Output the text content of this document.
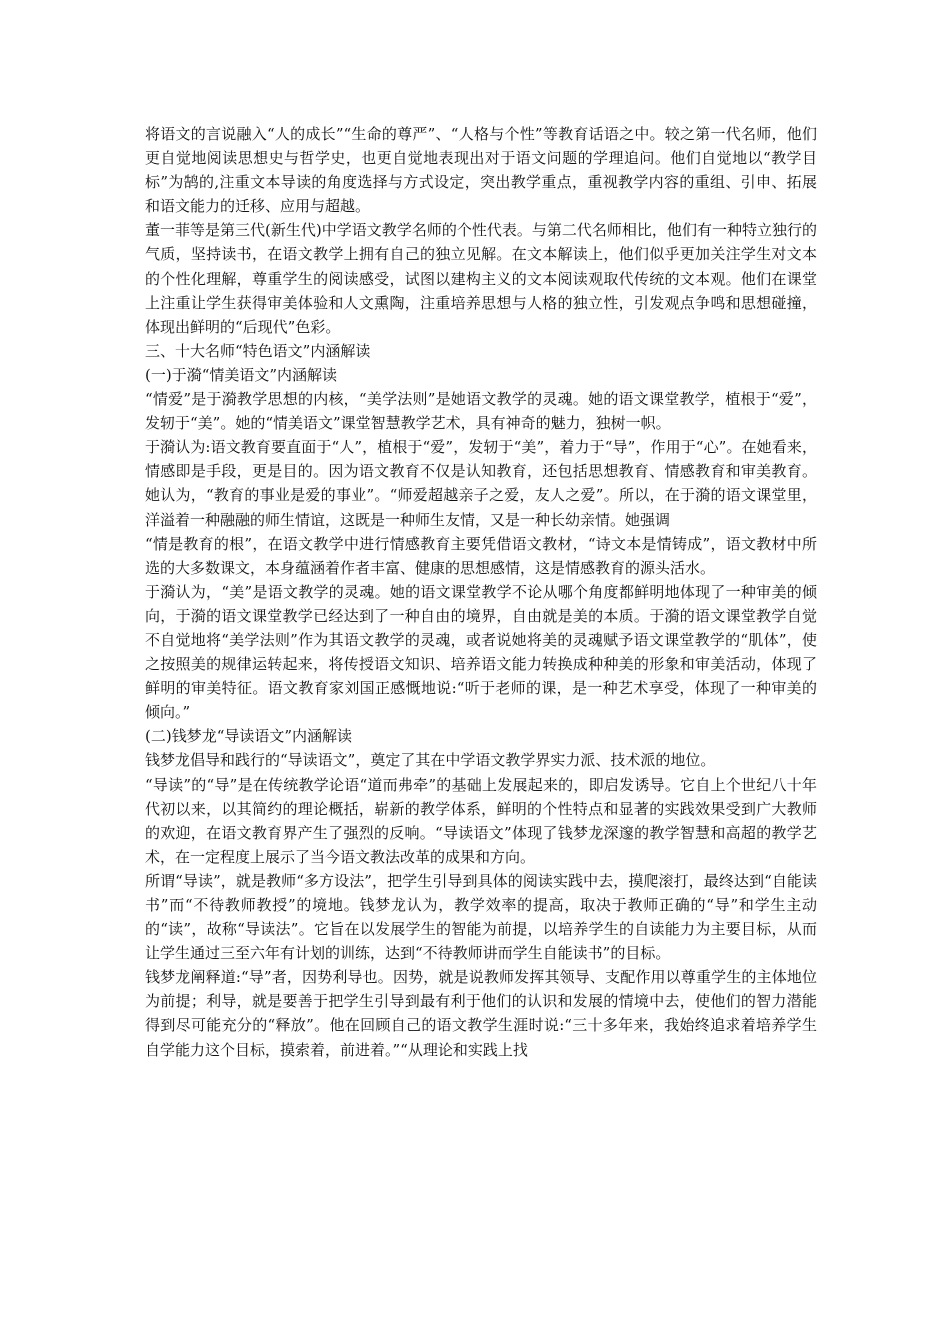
将语文的言说融入“人的成长”“生命的尊严”、“人格与个性”等教育话语之中。较之第一代名师，他们更自觉地阅读思想史与哲学史，也更自觉地表现出对于语文问题的学理追问。他们自觉地以“教学目标”为鹄的,注重文本导读的角度选择与方式设定，突出教学重点，重视教学内容的重组、引申、拓展和语文能力的迁移、应用与超越。

董一菲等是第三代(新生代)中学语文教学名师的个性代表。与第二代名师相比，他们有一种特立独行的气质，坚持读书，在语文教学上拥有自己的独立见解。在文本解读上，他们似乎更加关注学生对文本的个性化理解，尊重学生的阅读感受，试图以建构主义的文本阅读观取代传统的文本观。他们在课堂上注重让学生获得审美体验和人文熏陶，注重培养思想与人格的独立性，引发观点争鸣和思想碰撞，体现出鲜明的“后现代”色彩。

三、十大名师“特色语文”内涵解读

(一)于漪“情美语文”内涵解读

“情爱”是于漪教学思想的内核，“美学法则”是她语文教学的灵魂。她的语文课堂教学，植根于“爱”，发轫于“美”。她的“情美语文”课堂智慧教学艺术，具有神奇的魅力，独树一帜。

于漪认为:语文教育要直面于“人”，植根于“爱”，发轫于“美”，着力于“导”，作用于“心”。在她看来，情感即是手段，更是目的。因为语文教育不仅是认知教育，还包括思想教育、情感教育和审美教育。她认为，“教育的事业是爱的事业”。“师爱超越亲子之爱，友人之爱”。所以，在于漪的语文课堂里，洋溢着一种融融的师生情谊，这既是一种师生友情，又是一种长幼亲情。她强调

“情是教育的根”，在语文教学中进行情感教育主要凭借语文教材，“诗文本是情铸成”，语文教材中所选的大多数课文，本身蕴涵着作者丰富、健康的思想感情，这是情感教育的源头活水。

于漪认为，“美”是语文教学的灵魂。她的语文课堂教学不论从哪个角度都鲜明地体现了一种审美的倾向，于漪的语文课堂教学已经达到了一种自由的境界，自由就是美的本质。于漪的语文课堂教学自觉不自觉地将“美学法则”作为其语文教学的灵魂，或者说她将美的灵魂赋予语文课堂教学的“肌体”，使之按照美的规律运转起来，将传授语文知识、培养语文能力转换成种种美的形象和审美活动，体现了鲜明的审美特征。语文教育家刘国正感慨地说:“听于老师的课，是一种艺术享受，体现了一种审美的倾向。”

(二)钱梦龙“导读语文”内涵解读

钱梦龙倡导和践行的“导读语文”，奠定了其在中学语文教学界实力派、技术派的地位。

“导读”的“导”是在传统教学论语“道而弗牵”的基础上发展起来的，即启发诱导。它自上个世纪八十年代初以来，以其简约的理论概括，崭新的教学体系，鲜明的个性特点和显著的实践效果受到广大教师的欢迎，在语文教育界产生了强烈的反响。“导读语文”体现了钱梦龙深邃的教学智慧和高超的教学艺术，在一定程度上展示了当今语文教法改革的成果和方向。

所谓“导读”，就是教师“多方设法”，把学生引导到具体的阅读实践中去，摸爬滚打，最终达到“自能读书”而“不待教师教授”的境地。钱梦龙认为，教学效率的提高，取决于教师正确的“导”和学生主动的“读”，故称“导读法”。它旨在以发展学生的智能为前提，以培养学生的自读能力为主要目标，从而让学生通过三至六年有计划的训练，达到“不待教师讲而学生自能读书”的目标。

钱梦龙阐释道:“导”者，因势利导也。因势，就是说教师发挥其领导、支配作用以尊重学生的主体地位为前提；利导，就是要善于把学生引导到最有利于他们的认识和发展的情境中去，使他们的智力潜能得到尽可能充分的“释放”。他在回顾自己的语文教学生涯时说:“三十多年来，我始终追求着培养学生自学能力这个目标，摸索着，前进着。”“从理论和实践上找
